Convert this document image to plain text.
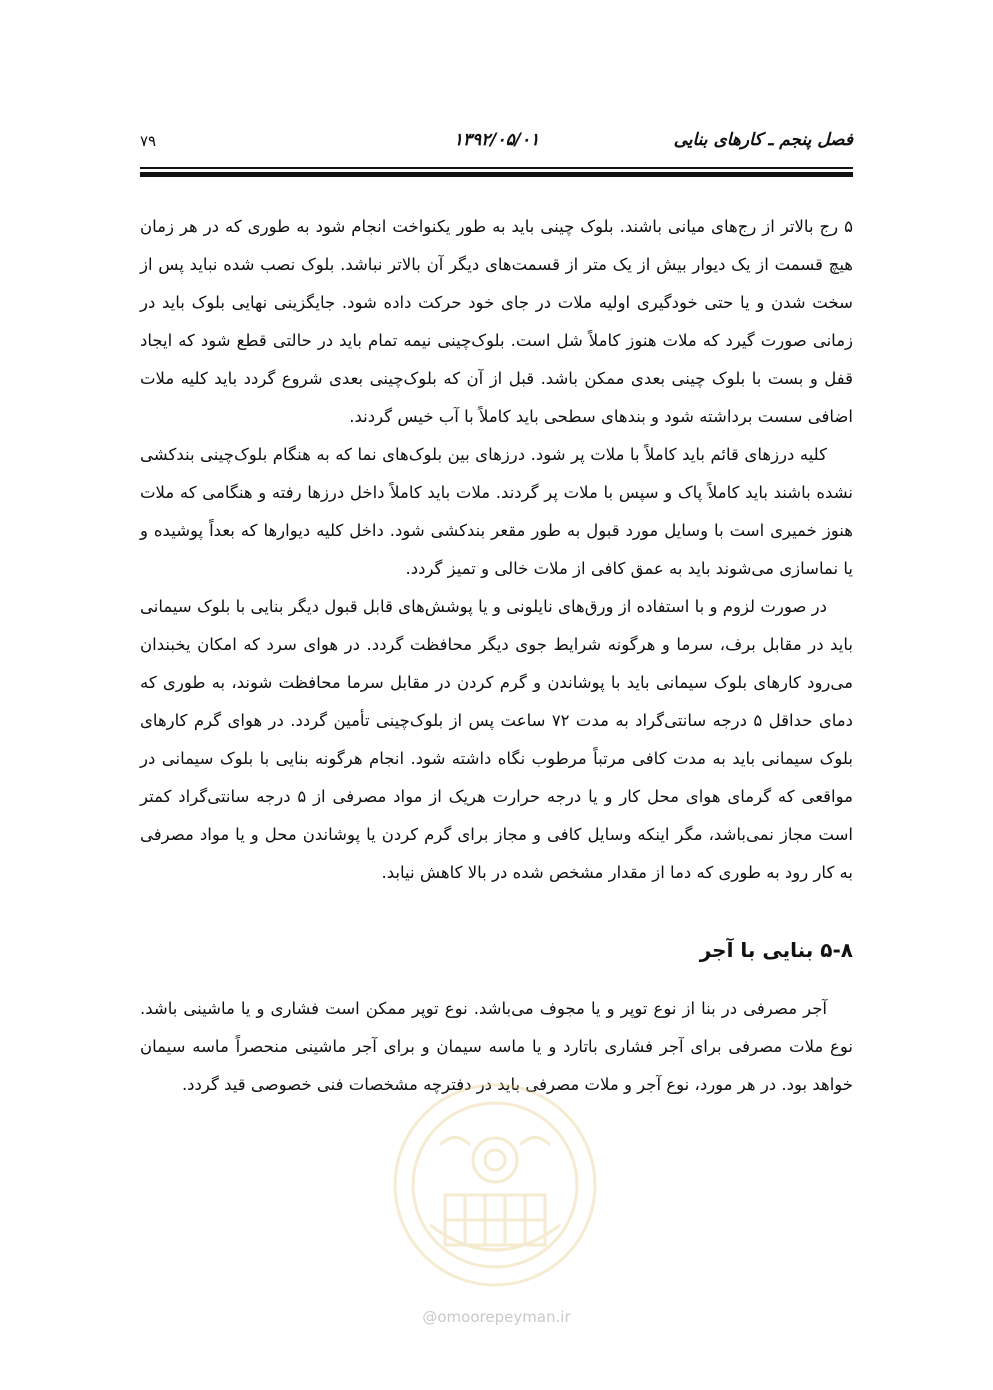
۷۹	۱۳۹۲/۰۵/۰۱	فصل پنجم ـ کارهای بنایی

۵ رج بالاتر از رج‌های میانی باشند. بلوک چینی باید به طور یکنواخت انجام شود به طوری که در هر زمان هیچ قسمت از یک دیوار بیش از یک متر از قسمت‌های دیگر آن بالاتر نباشد. بلوک نصب شده نباید پس از سخت شدن و یا حتی خودگیری اولیه ملات در جای خود حرکت داده شود. جایگزینی نهایی بلوک باید در زمانی صورت گیرد که ملات هنوز کاملاً شل است. بلوک‌چینی نیمه تمام باید در حالتی قطع شود که ایجاد قفل و بست با بلوک چینی بعدی ممکن باشد. قبل از آن که بلوک‌چینی بعدی شروع گردد باید کلیه ملات اضافی سست برداشته شود و بندهای سطحی باید کاملاً با آب خیس گردند.

کلیه درزهای قائم باید کاملاً با ملات پر شود. درزهای بین بلوک‌های نما که به هنگام بلوک‌چینی بندکشی نشده باشند باید کاملاً پاک و سپس با ملات پر گردند. ملات باید کاملاً داخل درزها رفته و هنگامی که ملات هنوز خمیری است با وسایل مورد قبول به طور مقعر بندکشی شود. داخل کلیه دیوارها که بعداً پوشیده و یا نماسازی می‌شوند باید به عمق کافی از ملات خالی و تمیز گردد.

در صورت لزوم و با استفاده از ورق‌های نایلونی و یا پوشش‌های قابل قبول دیگر بنایی با بلوک سیمانی باید در مقابل برف، سرما و هرگونه شرایط جوی دیگر محافظت گردد. در هوای سرد که امکان یخبندان می‌رود کارهای بلوک سیمانی باید با پوشاندن و گرم کردن در مقابل سرما محافظت شوند، به طوری که دمای حداقل ۵ درجه سانتی‌گراد به مدت ۷۲ ساعت پس از بلوک‌چینی تأمین گردد. در هوای گرم کارهای بلوک سیمانی باید به مدت کافی مرتباً مرطوب نگاه داشته شود. انجام هرگونه بنایی با بلوک سیمانی در مواقعی که گرمای هوای محل کار و یا درجه حرارت هریک از مواد مصرفی از ۵ درجه سانتی‌گراد کمتر است مجاز نمی‌باشد، مگر اینکه وسایل کافی و مجاز برای گرم کردن یا پوشاندن محل و یا مواد مصرفی به کار رود به طوری که دما از مقدار مشخص شده در بالا کاهش نیابد.

۵-۸ بنایی با آجر

آجر مصرفی در بنا از نوع توپر و یا مجوف می‌باشد. نوع توپر ممکن است فشاری و یا ماشینی باشد. نوع ملات مصرفی برای آجر فشاری باتارد و یا ماسه سیمان و برای آجر ماشینی منحصراً ماسه سیمان خواهد بود. در هر مورد، نوع آجر و ملات مصرفی باید در دفترچه مشخصات فنی خصوصی قید گردد.

@omoorepeyman.ir
